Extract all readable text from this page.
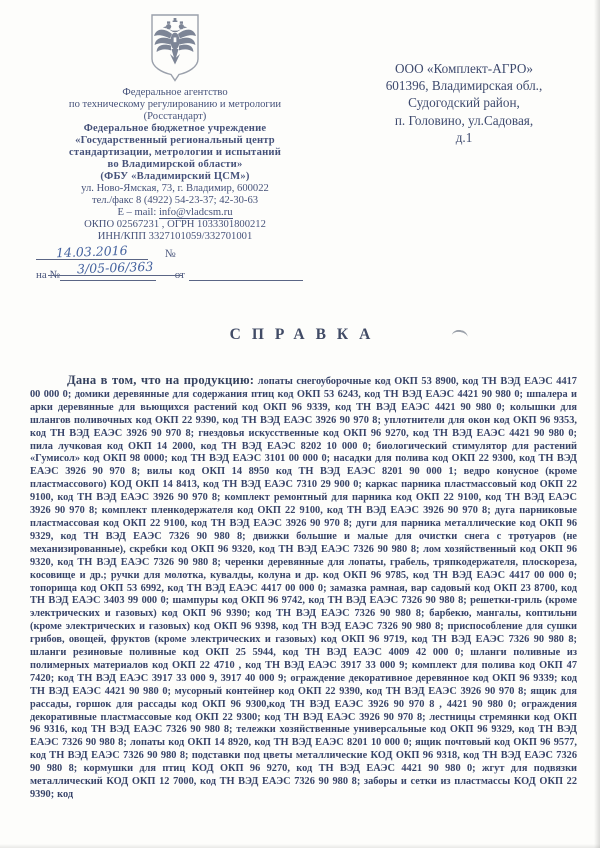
Федеральное агентство
по техническому регулированию и метрологии
(Росстандарт)
Федеральное бюджетное учреждение
«Государственный региональный центр
стандартизации, метрологии и испытаний
во Владимирской области»
(ФБУ «Владимирский ЦСМ»)
ул. Ново-Ямская, 73, г. Владимир, 600022
тел./факс 8 (4922) 54-23-37; 42-30-63
Е – mail: info@vladcsm.ru
ОКПО 02567231 , ОГРН 1033301800212
ИНН/КПП 3327101059/332701001
ООО «Комплект-АГРО»
601396, Владимирская обл.,
Судогодский район,
п. Головино, ул.Садовая,
д.1
14.03.2016	№ 3/05-06/363
на №	от
СПРАВКА
Дана в том, что на продукцию: лопаты снегоуборочные код ОКП 53 8900, код ТН ВЭД ЕАЭС 4417 00 000 0; домики деревянные для содержания птиц код ОКП 53 6243, код ТН ВЭД ЕАЭС 4421 90 980 0; шпалера и арки деревянные для вьющихся растений код ОКП 96 9339, код ТН ВЭД ЕАЭС 4421 90 980 0; колышки для шлангов поливочных код ОКП 22 9390, код ТН ВЭД ЕАЭС 3926 90 970 8; уплотнители для окон код ОКП 96 9353, код ТН ВЭД ЕАЭС 3926 90 970 8; гнездовья искусственные код ОКП 96 9270, код ТН ВЭД ЕАЭС 4421 90 980 0; пила лучковая код ОКП 14 2000, код ТН ВЭД ЕАЭС 8202 10 000 0; биологический стимулятор для растений «Гумисол» код ОКП 98 0000; код ТН ВЭД ЕАЭС 3101 00 000 0; насадки для полива код ОКП 22 9300, код ТН ВЭД ЕАЭС 3926 90 970 8; вилы код ОКП 14 8950 код ТН ВЭД ЕАЭС 8201 90 000 1; ведро конусное (кроме пластмассового) КОД ОКП 14 8413, код ТН ВЭД ЕАЭС 7310 29 900 0; каркас парника пластмассовый код ОКП 22 9100, код ТН ВЭД ЕАЭС 3926 90 970 8; комплект ремонтный для парника код ОКП 22 9100, код ТН ВЭД ЕАЭС 3926 90 970 8; комплект пленкодержателя код ОКП 22 9100, код ТН ВЭД ЕАЭС 3926 90 970 8; дуга парниковые пластмассовая код ОКП 22 9100, код ТН ВЭД ЕАЭС 3926 90 970 8; дуги для парника металлические код ОКП 96 9329, код ТН ВЭД ЕАЭС 7326 90 980 8; движки большие и малые для очистки снега с тротуаров (не механизированные), скребки код ОКП 96 9320, код ТН ВЭД ЕАЭС 7326 90 980 8; лом хозяйственный код ОКП 96 9320, код ТН ВЭД ЕАЭС 7326 90 980 8; черенки деревянные для лопаты, грабель, тряпкодержателя, плоскореза, косовище и др.; ручки для молотка, кувалды, колуна и др. код ОКП 96 9785, код ТН ВЭД ЕАЭС 4417 00 000 0; топорища код ОКП 53 6992, код ТН ВЭД ЕАЭС 4417 00 000 0; замазка рамная, вар садовый код ОКП 23 8700, код ТН ВЭД ЕАЭС 3403 99 000 0; шампуры код ОКП 96 9742, код ТН ВЭД ЕАЭС 7326 90 980 8; решетки-гриль (кроме электрических и газовых) код ОКП 96 9390; код ТН ВЭД ЕАЭС 7326 90 980 8; барбекю, мангалы, коптильни (кроме электрических и газовых) код ОКП 96 9398, код ТН ВЭД ЕАЭС 7326 90 980 8; приспособление для сушки грибов, овощей, фруктов (кроме электрических и газовых) код ОКП 96 9719, код ТН ВЭД ЕАЭС 7326 90 980 8; шланги резиновые поливные код ОКП 25 5944, код ТН ВЭД ЕАЭС 4009 42 000 0; шланги поливные из полимерных материалов код ОКП 22 4710 , код ТН ВЭД ЕАЭС 3917 33 000 9; комплект для полива код ОКП 47 7420; код ТН ВЭД ЕАЭС 3917 33 000 9, 3917 40 000 9; ограждение декоративное деревянное код ОКП 96 9339; код ТН ВЭД ЕАЭС 4421 90 980 0; мусорный контейнер код ОКП 22 9390, код ТН ВЭД ЕАЭС 3926 90 970 8; ящик для рассады, горшок для рассады код ОКП 96 9300,код ТН ВЭД ЕАЭС 3926 90 970 8 , 4421 90 980 0; ограждения декоративные пластмассовые код ОКП 22 9300; код ТН ВЭД ЕАЭС 3926 90 970 8; лестницы стремянки код ОКП 96 9316, код ТН ВЭД ЕАЭС 7326 90 980 8; тележки хозяйственные универсальные код ОКП 96 9329, код ТН ВЭД ЕАЭС 7326 90 980 8; лопаты код ОКП 14 8920, код ТН ВЭД ЕАЭС 8201 10 000 0; ящик почтовый код ОКП 96 9577, код ТН ВЭД ЕАЭС 7326 90 980 8; подставки под цветы металлические КОД ОКП 96 9318, код ТН ВЭД ЕАЭС 7326 90 980 8; кормушки для птиц КОД ОКП 96 9270, код ТН ВЭД ЕАЭС 4421 90 980 0; жгут для подвязки металлический КОД ОКП 12 7000, код ТН ВЭД ЕАЭС 7326 90 980 8; заборы и сетки из пластмассы КОД ОКП 22 9390; код
